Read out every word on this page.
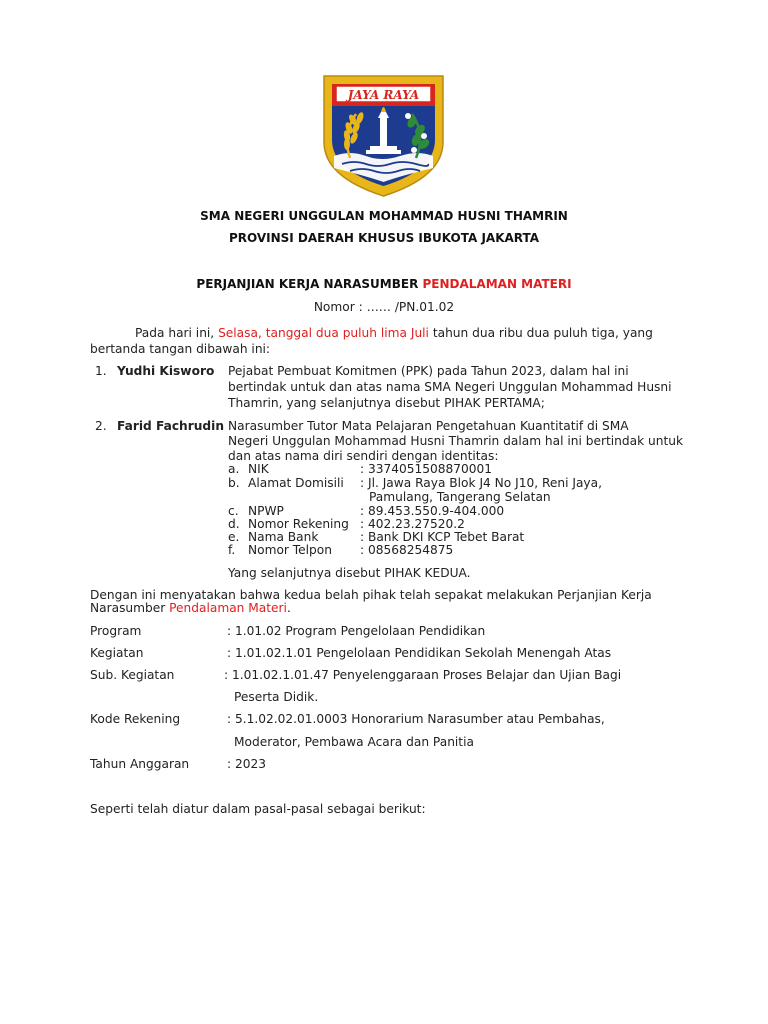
JAYA RAYA
SMA NEGERI UNGGULAN MOHAMMAD HUSNI THAMRIN
PROVINSI DAERAH KHUSUS IBUKOTA JAKARTA
PERJANJIAN KERJA NARASUMBER PENDALAMAN MATERI
Nomor : …… /PN.01.02
Pada hari ini, Selasa, tanggal dua puluh lima Juli tahun dua ribu dua puluh tiga, yang
bertanda tangan dibawah ini:
1. Yudhi Kisworo Pejabat Pembuat Komitmen (PPK) pada Tahun 2023, dalam hal ini
bertindak untuk dan atas nama SMA Negeri Unggulan Mohammad Husni
Thamrin, yang selanjutnya disebut PIHAK PERTAMA;
2. Farid Fachrudin Narasumber Tutor Mata Pelajaran Pengetahuan Kuantitatif di SMA
Negeri Unggulan Mohammad Husni Thamrin dalam hal ini bertindak untuk
dan atas nama diri sendiri dengan identitas:
a. NIK	: 3374051508870001
b. Alamat Domisili : Jl. Jawa Raya Blok J4 No J10, Reni Jaya,
Pamulang, Tangerang Selatan
c. NPWP	: 89.453.550.9-404.000
d. Nomor Rekening : 402.23.27520.2
e. Nama Bank	: Bank DKI KCP Tebet Barat
f. Nomor Telpon : 08568254875
Yang selanjutnya disebut PIHAK KEDUA.
Dengan ini menyatakan bahwa kedua belah pihak telah sepakat melakukan Perjanjian Kerja
Narasumber Pendalaman Materi.
Program	: 1.01.02 Program Pengelolaan Pendidikan
Kegiatan	: 1.01.02.1.01 Pengelolaan Pendidikan Sekolah Menengah Atas
Sub. Kegiatan	: 1.01.02.1.01.47 Penyelenggaraan Proses Belajar dan Ujian Bagi
Peserta Didik.
Kode Rekening	: 5.1.02.02.01.0003 Honorarium Narasumber atau Pembahas,
Moderator, Pembawa Acara dan Panitia
Tahun Anggaran	: 2023
Seperti telah diatur dalam pasal-pasal sebagai berikut:
